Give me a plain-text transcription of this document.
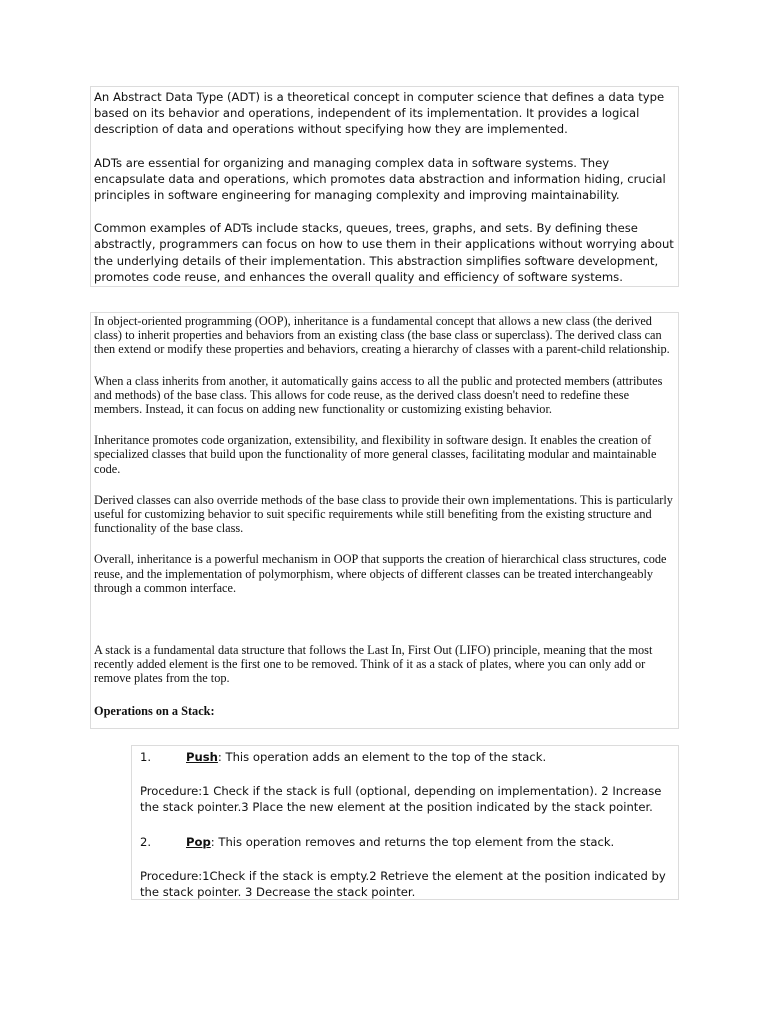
An Abstract Data Type (ADT) is a theoretical concept in computer science that defines a data type based on its behavior and operations, independent of its implementation. It provides a logical description of data and operations without specifying how they are implemented.

ADTs are essential for organizing and managing complex data in software systems. They encapsulate data and operations, which promotes data abstraction and information hiding, crucial principles in software engineering for managing complexity and improving maintainability.

Common examples of ADTs include stacks, queues, trees, graphs, and sets. By defining these abstractly, programmers can focus on how to use them in their applications without worrying about the underlying details of their implementation. This abstraction simplifies software development, promotes code reuse, and enhances the overall quality and efficiency of software systems.

In object-oriented programming (OOP), inheritance is a fundamental concept that allows a new class (the derived class) to inherit properties and behaviors from an existing class (the base class or superclass). The derived class can then extend or modify these properties and behaviors, creating a hierarchy of classes with a parent-child relationship.

When a class inherits from another, it automatically gains access to all the public and protected members (attributes and methods) of the base class. This allows for code reuse, as the derived class doesn't need to redefine these members. Instead, it can focus on adding new functionality or customizing existing behavior.

Inheritance promotes code organization, extensibility, and flexibility in software design. It enables the creation of specialized classes that build upon the functionality of more general classes, facilitating modular and maintainable code.

Derived classes can also override methods of the base class to provide their own implementations. This is particularly useful for customizing behavior to suit specific requirements while still benefiting from the existing structure and functionality of the base class.

Overall, inheritance is a powerful mechanism in OOP that supports the creation of hierarchical class structures, code reuse, and the implementation of polymorphism, where objects of different classes can be treated interchangeably through a common interface.

A stack is a fundamental data structure that follows the Last In, First Out (LIFO) principle, meaning that the most recently added element is the first one to be removed. Think of it as a stack of plates, where you can only add or remove plates from the top.

Operations on a Stack:

1.	Push: This operation adds an element to the top of the stack.

Procedure:1 Check if the stack is full (optional, depending on implementation). 2 Increase the stack pointer.3 Place the new element at the position indicated by the stack pointer.

2.	Pop: This operation removes and returns the top element from the stack.

Procedure:1Check if the stack is empty.2 Retrieve the element at the position indicated by the stack pointer. 3 Decrease the stack pointer.
